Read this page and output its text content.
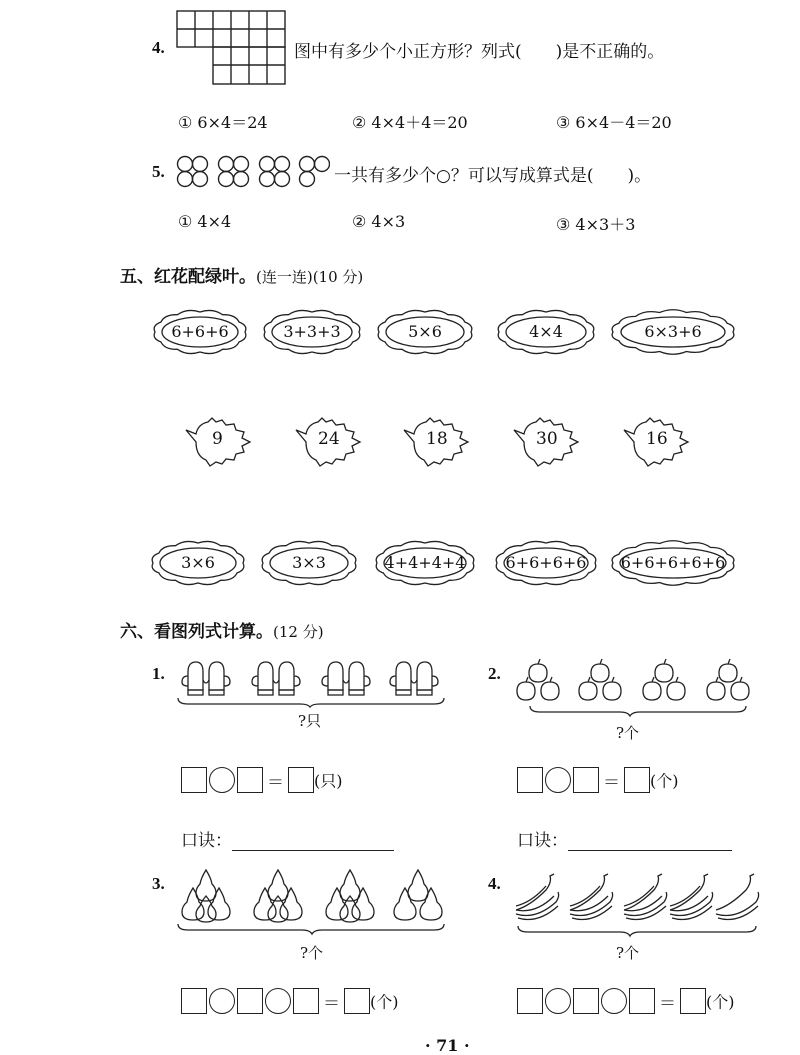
4.	图中有多少个小正方形？列式(　　)是不正确的。
① 6×4＝24	② 4×4＋4＝20	③ 6×4－4＝20
5.	一共有多少个○？可以写成算式是(　　)。
① 4×4	② 4×3	③ 4×3＋3
五、红花配绿叶。(连一连)(10 分)
6+6+6	3+3+3	5×6	4×4	6×3+6
9	24	18	30	16
3×6	3×3	4+4+4+4	6+6+6+6	6+6+6+6+6
六、看图列式计算。(12 分)
1.
?只
2.
?个
＝ (只)	＝ (个)
口诀：	口诀：
3.
?个
4.
?个
＝ (个)	＝ (个)
· 71 ·
